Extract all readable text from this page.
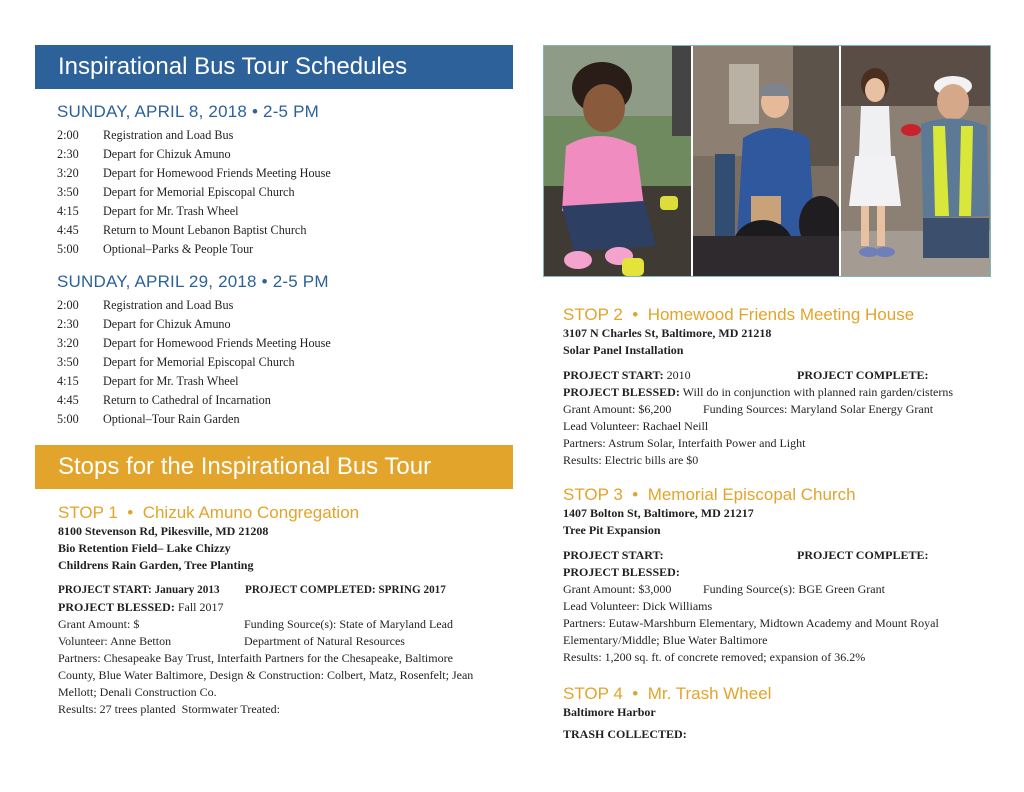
Inspirational Bus Tour Schedules
SUNDAY, APRIL 8, 2018 • 2-5 PM
2:00	Registration and Load Bus
2:30	Depart for Chizuk Amuno
3:20	Depart for Homewood Friends Meeting House
3:50	Depart for Memorial Episcopal Church
4:15	Depart for Mr. Trash Wheel
4:45	Return to Mount Lebanon Baptist Church
5:00	Optional–Parks & People Tour
SUNDAY, APRIL 29, 2018 • 2-5 PM
2:00	Registration and Load Bus
2:30	Depart for Chizuk Amuno
3:20	Depart for Homewood Friends Meeting House
3:50	Depart for Memorial Episcopal Church
4:15	Depart for Mr. Trash Wheel
4:45	Return to Cathedral of Incarnation
5:00	Optional–Tour Rain Garden
Stops for the Inspirational Bus Tour
STOP 1  •  Chizuk Amuno Congregation
8100 Stevenson Rd, Pikesville, MD 21208
Bio Retention Field– Lake Chizzy
Childrens Rain Garden, Tree Planting
PROJECT START: January 2013	PROJECT COMPLETED: SPRING 2017
PROJECT BLESSED: Fall 2017
Grant Amount: $	Funding Source(s): State of Maryland Lead
Volunteer: Anne Betton	Department of Natural Resources
Partners: Chesapeake Bay Trust, Interfaith Partners for the Chesapeake, Baltimore County, Blue Water Baltimore, Design & Construction: Colbert, Matz, Rosenfelt; Jean Mellott; Denali Construction Co.
Results: 27 trees planted  Stormwater Treated:
STOP 2  •  Homewood Friends Meeting House
3107 N Charles St, Baltimore, MD 21218
Solar Panel Installation
PROJECT START: 2010	PROJECT COMPLETE:
PROJECT BLESSED: Will do in conjunction with planned rain garden/cisterns
Grant Amount: $6,200	Funding Sources: Maryland Solar Energy Grant
Lead Volunteer: Rachael Neill
Partners: Astrum Solar, Interfaith Power and Light
Results: Electric bills are $0
STOP 3  •  Memorial Episcopal Church
1407 Bolton St, Baltimore, MD 21217
Tree Pit Expansion
PROJECT START:	PROJECT COMPLETE:
PROJECT BLESSED:
Grant Amount: $3,000	Funding Source(s): BGE Green Grant
Lead Volunteer: Dick Williams
Partners: Eutaw-Marshburn Elementary, Midtown Academy and Mount Royal Elementary/Middle; Blue Water Baltimore
Results: 1,200 sq. ft. of concrete removed; expansion of 36.2%
STOP 4  •  Mr. Trash Wheel
Baltimore Harbor
TRASH COLLECTED:
